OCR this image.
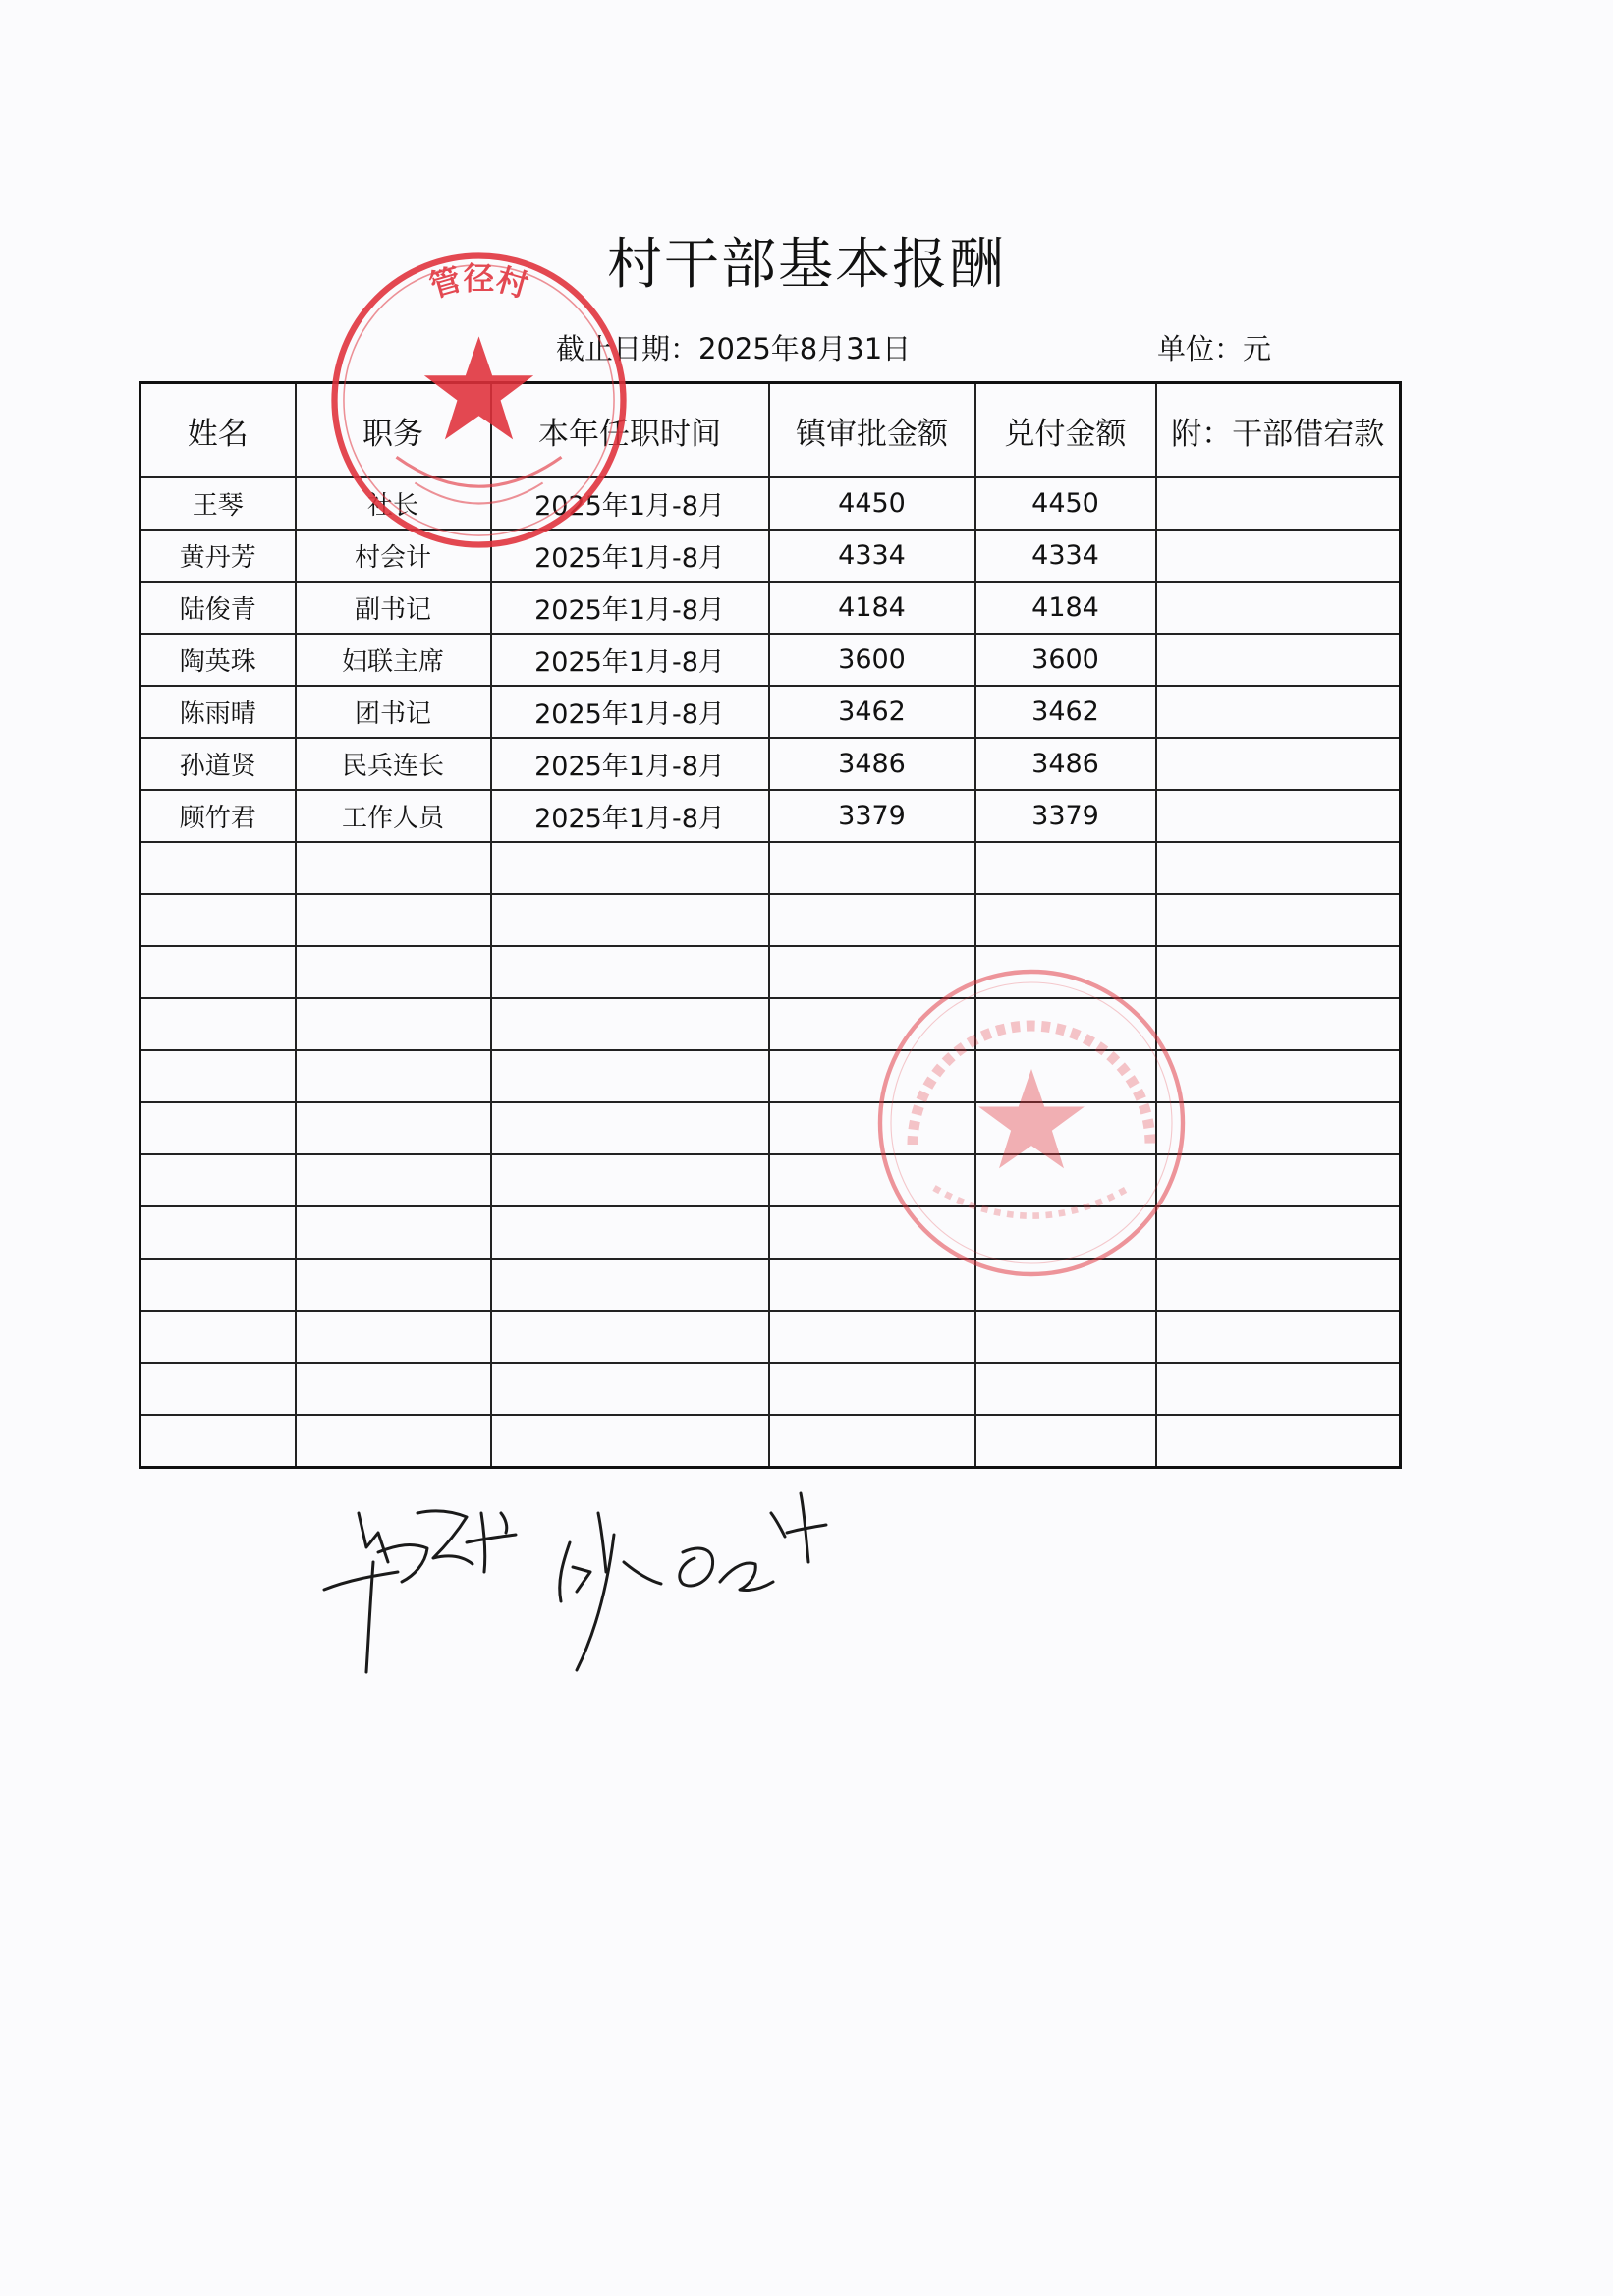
村干部基本报酬
截止日期：2025年8月31日	单位：元
姓名	职务	本年任职时间	镇审批金额	兑付金额	附：干部借宕款
王琴	社长	2025年1月-8月	4450	4450	
黄丹芳	村会计	2025年1月-8月	4334	4334	
陆俊青	副书记	2025年1月-8月	4184	4184	
陶英珠	妇联主席	2025年1月-8月	3600	3600	
陈雨晴	团书记	2025年1月-8月	3462	3462	
孙道贤	民兵连长	2025年1月-8月	3486	3486	
顾竹君	工作人员	2025年1月-8月	3379	3379	

管径村
